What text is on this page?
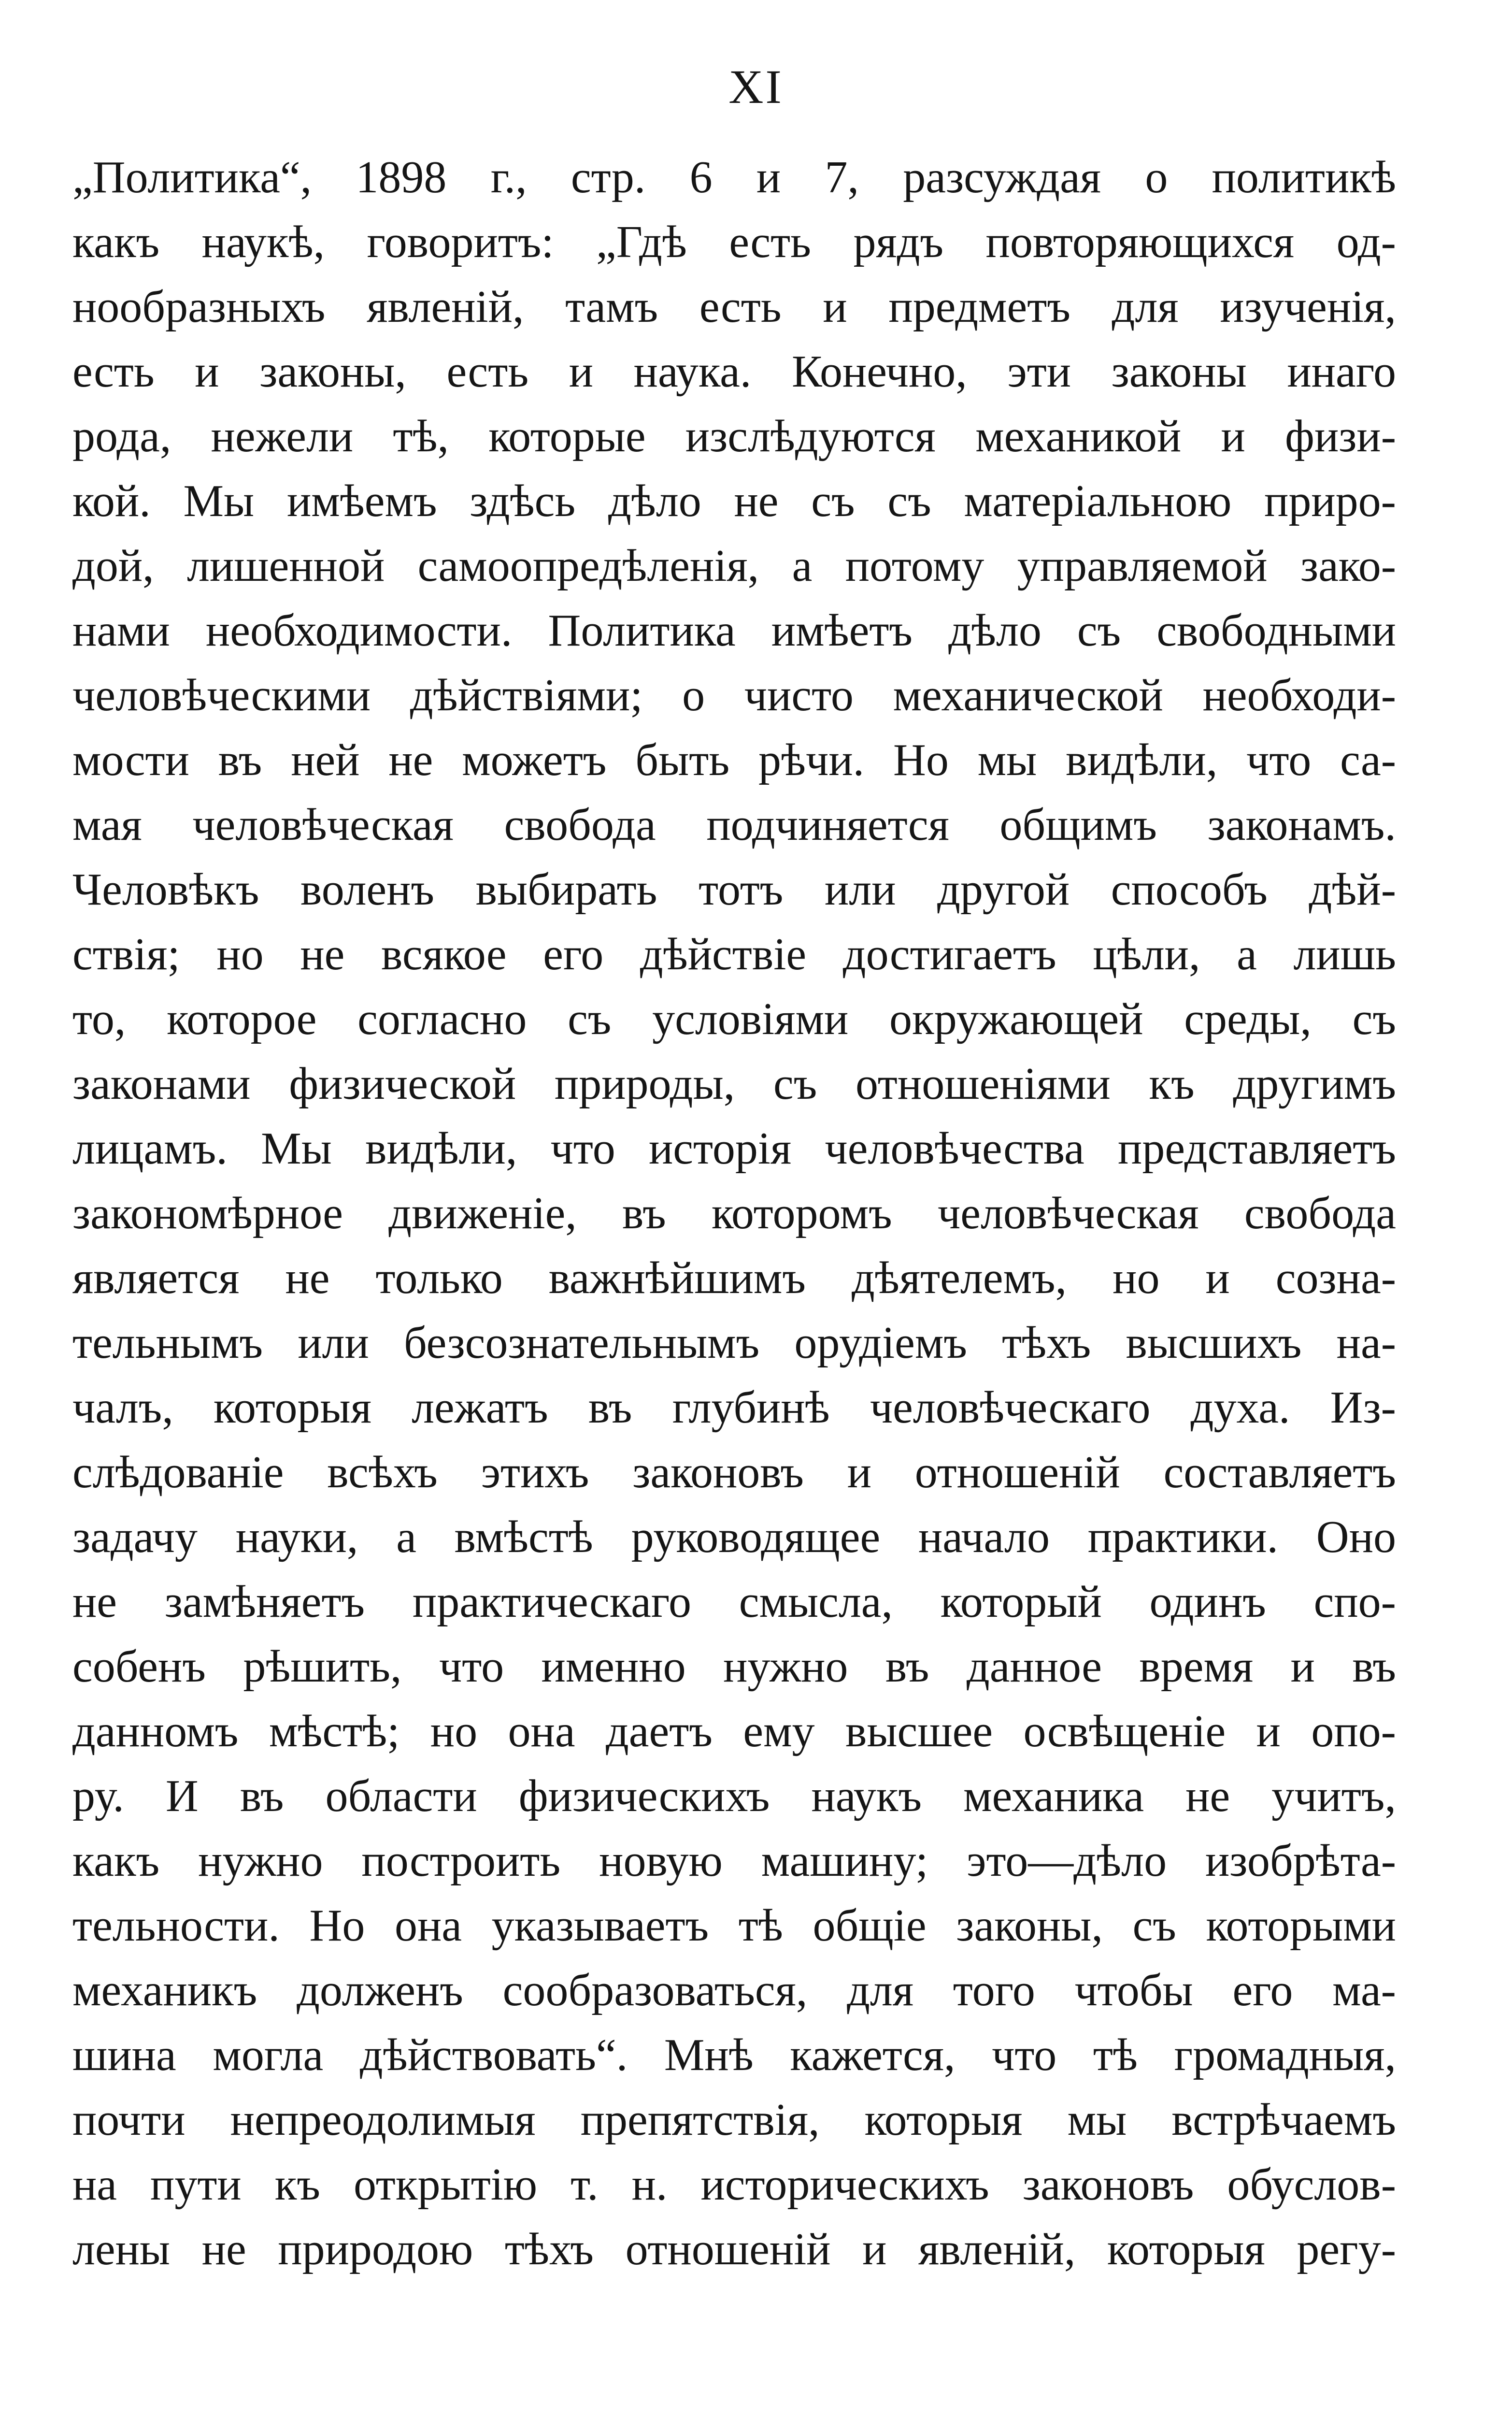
XI
„Политика“, 1898 г., стр. 6 и 7, разсуждая о политикѣ
какъ наукѣ, говоритъ: „Гдѣ есть рядъ повторяющихся од-
нообразныхъ явленій, тамъ есть и предметъ для изученія,
есть и законы, есть и наука. Конечно, эти законы инаго
рода, нежели тѣ, которые изслѣдуются механикой и физи-
кой. Мы имѣемъ здѣсь дѣло не съ съ матеріальною приро-
дой, лишенной самоопредѣленія, а потому управляемой зако-
нами необходимости. Политика имѣетъ дѣло съ свободными
человѣческими дѣйствіями; о чисто механической необходи-
мости въ ней не можетъ быть рѣчи. Но мы видѣли, что са-
мая человѣческая свобода подчиняется общимъ законамъ.
Человѣкъ воленъ выбирать тотъ или другой способъ дѣй-
ствія; но не всякое его дѣйствіе достигаетъ цѣли, а лишь
то, которое согласно съ условіями окружающей среды, съ
законами физической природы, съ отношеніями къ другимъ
лицамъ. Мы видѣли, что исторія человѣчества представляетъ
закономѣрное движеніе, въ которомъ человѣческая свобода
является не только важнѣйшимъ дѣятелемъ, но и созна-
тельнымъ или безсознательнымъ орудіемъ тѣхъ высшихъ на-
чалъ, которыя лежатъ въ глубинѣ человѣческаго духа. Из-
слѣдованіе всѣхъ этихъ законовъ и отношеній составляетъ
задачу науки, а вмѣстѣ руководящее начало практики. Оно
не замѣняетъ практическаго смысла, который одинъ спо-
собенъ рѣшить, что именно нужно въ данное время и въ
данномъ мѣстѣ; но она даетъ ему высшее освѣщеніе и опо-
ру. И въ области физическихъ наукъ механика не учитъ,
какъ нужно построить новую машину; это—дѣло изобрѣта-
тельности. Но она указываетъ тѣ общіе законы, съ которыми
механикъ долженъ сообразоваться, для того чтобы его ма-
шина могла дѣйствовать“. Мнѣ кажется, что тѣ громадныя,
почти непреодолимыя препятствія, которыя мы встрѣчаемъ
на пути къ открытію т. н. историческихъ законовъ обуслов-
лены не природою тѣхъ отношеній и явленій, которыя регу-
